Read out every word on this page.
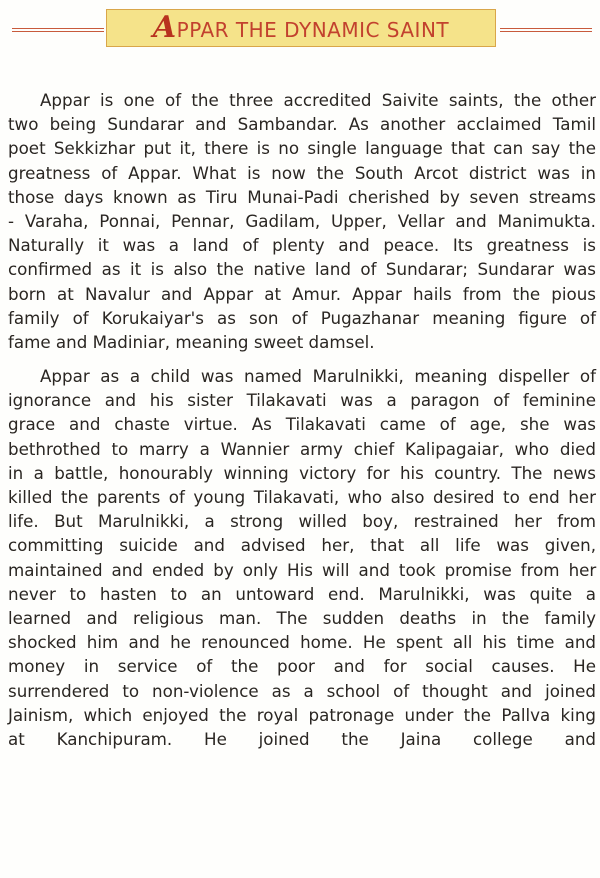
APPAR THE DYNAMIC SAINT
Appar is one of the three accredited Saivite saints, the other
two being Sundarar and Sambandar. As another acclaimed Tamil
poet Sekkizhar put it, there is no single language that can say the
greatness of Appar. What is now the South Arcot district was in
those days known as Tiru Munai-Padi cherished by seven streams
- Varaha, Ponnai, Pennar, Gadilam, Upper, Vellar and Manimukta.
Naturally it was a land of plenty and peace. Its greatness is
confirmed as it is also the native land of Sundarar; Sundarar was
born at Navalur and Appar at Amur. Appar hails from the pious
family of Korukaiyar's as son of Pugazhanar meaning figure of
fame and Madiniar, meaning sweet damsel.
Appar as a child was named Marulnikki, meaning dispeller of
ignorance and his sister Tilakavati was a paragon of feminine
grace and chaste virtue. As Tilakavati came of age, she was
bethrothed to marry a Wannier army chief Kalipagaiar, who died
in a battle, honourably winning victory for his country. The news
killed the parents of young Tilakavati, who also desired to end her
life. But Marulnikki, a strong willed boy, restrained her from
committing suicide and advised her, that all life was given,
maintained and ended by only His will and took promise from her
never to hasten to an untoward end. Marulnikki, was quite a
learned and religious man. The sudden deaths in the family
shocked him and he renounced home. He spent all his time and
money in service of the poor and for social causes. He
surrendered to non-violence as a school of thought and joined
Jainism, which enjoyed the royal patronage under the Pallva king
at Kanchipuram. He joined the Jaina college and
